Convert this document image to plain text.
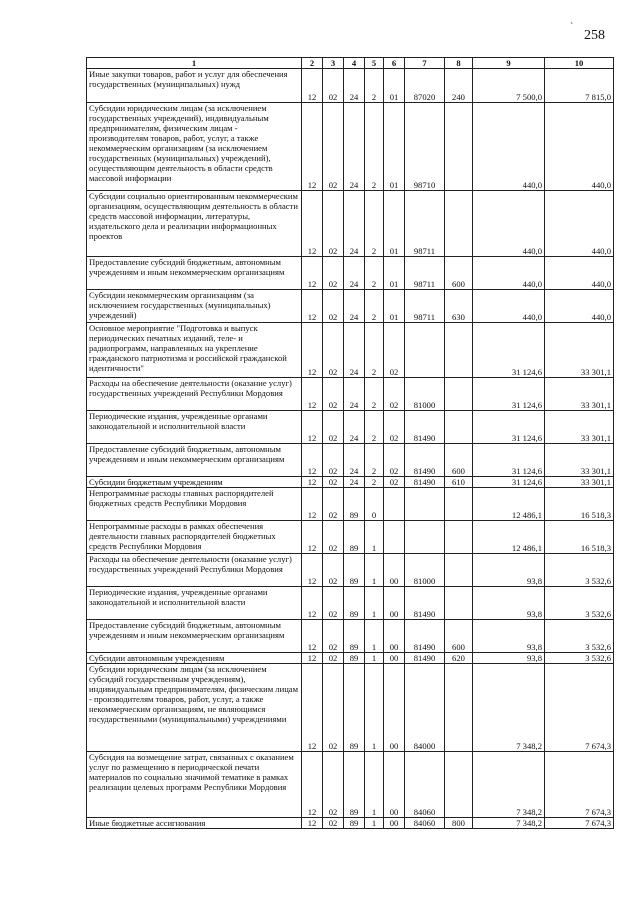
`
258
1	2	3	4	5	6	7	8	9	10
Иные закупки товаров, работ и услуг для обеспечения государственных (муниципальных) нужд	12	02	24	2	01	87020	240	7 500,0	7 815,0
Субсидии юридическим лицам (за исключением государственных учреждений), индивидуальным предпринимателям, физическим лицам - производителям товаров, работ, услуг, а также некоммерческим организациям (за исключением государственных (муниципальных) учреждений), осуществляющим деятельность в области средств массовой информации	12	02	24	2	01	98710		440,0	440,0
Субсидии социально ориентированным некоммерческим организациям, осуществляющим деятельность в области средств массовой информации, литературы, издательского дела и реализации информационных проектов	12	02	24	2	01	98711		440,0	440,0
Предоставление субсидий бюджетным, автономным учреждениям и иным некоммерческим организациям	12	02	24	2	01	98711	600	440,0	440,0
Субсидии некоммерческим организациям (за исключением государственных (муниципальных) учреждений)	12	02	24	2	01	98711	630	440,0	440,0
Основное мероприятие "Подготовка и выпуск периодических печатных изданий, теле- и радиопрограмм, направленных на укрепление гражданского патриотизма и российской гражданской идентичности"	12	02	24	2	02			31 124,6	33 301,1
Расходы на обеспечение деятельности (оказание услуг) государственных учреждений Республики Мордовия	12	02	24	2	02	81000		31 124,6	33 301,1
Периодические издания, учрежденные органами законодательной и исполнительной власти	12	02	24	2	02	81490		31 124,6	33 301,1
Предоставление субсидий бюджетным, автономным учреждениям и иным некоммерческим организациям	12	02	24	2	02	81490	600	31 124,6	33 301,1
Субсидии бюджетным учреждениям	12	02	24	2	02	81490	610	31 124,6	33 301,1
Непрограммные расходы главных распорядителей бюджетных средств Республики Мордовия	12	02	89	0				12 486,1	16 518,3
Непрограммные расходы в рамках обеспечения деятельности главных распорядителей бюджетных средств Республики Мордовия	12	02	89	1				12 486,1	16 518,3
Расходы на обеспечение деятельности (оказание услуг) государственных учреждений Республики Мордовия	12	02	89	1	00	81000		93,8	3 532,6
Периодические издания, учрежденные органами законодательной и исполнительной власти	12	02	89	1	00	81490		93,8	3 532,6
Предоставление субсидий бюджетным, автономным учреждениям и иным некоммерческим организациям	12	02	89	1	00	81490	600	93,8	3 532,6
Субсидии автономным учреждениям	12	02	89	1	00	81490	620	93,8	3 532,6
Субсидии юридическим лицам (за исключением субсидий государственным учреждениям), индивидуальным предпринимателям, физическим лицам - производителям товаров, работ, услуг, а также некоммерческим организациям, не являющимся государственными (муниципальными) учреждениями	12	02	89	1	00	84000		7 348,2	7 674,3
Субсидия на возмещение затрат, связанных с оказанием услуг по размещению в периодической печати материалов по социально значимой тематике в рамках реализации целевых программ Республики Мордовия	12	02	89	1	00	84060		7 348,2	7 674,3
Иные бюджетные ассигнования	12	02	89	1	00	84060	800	7 348,2	7 674,3
